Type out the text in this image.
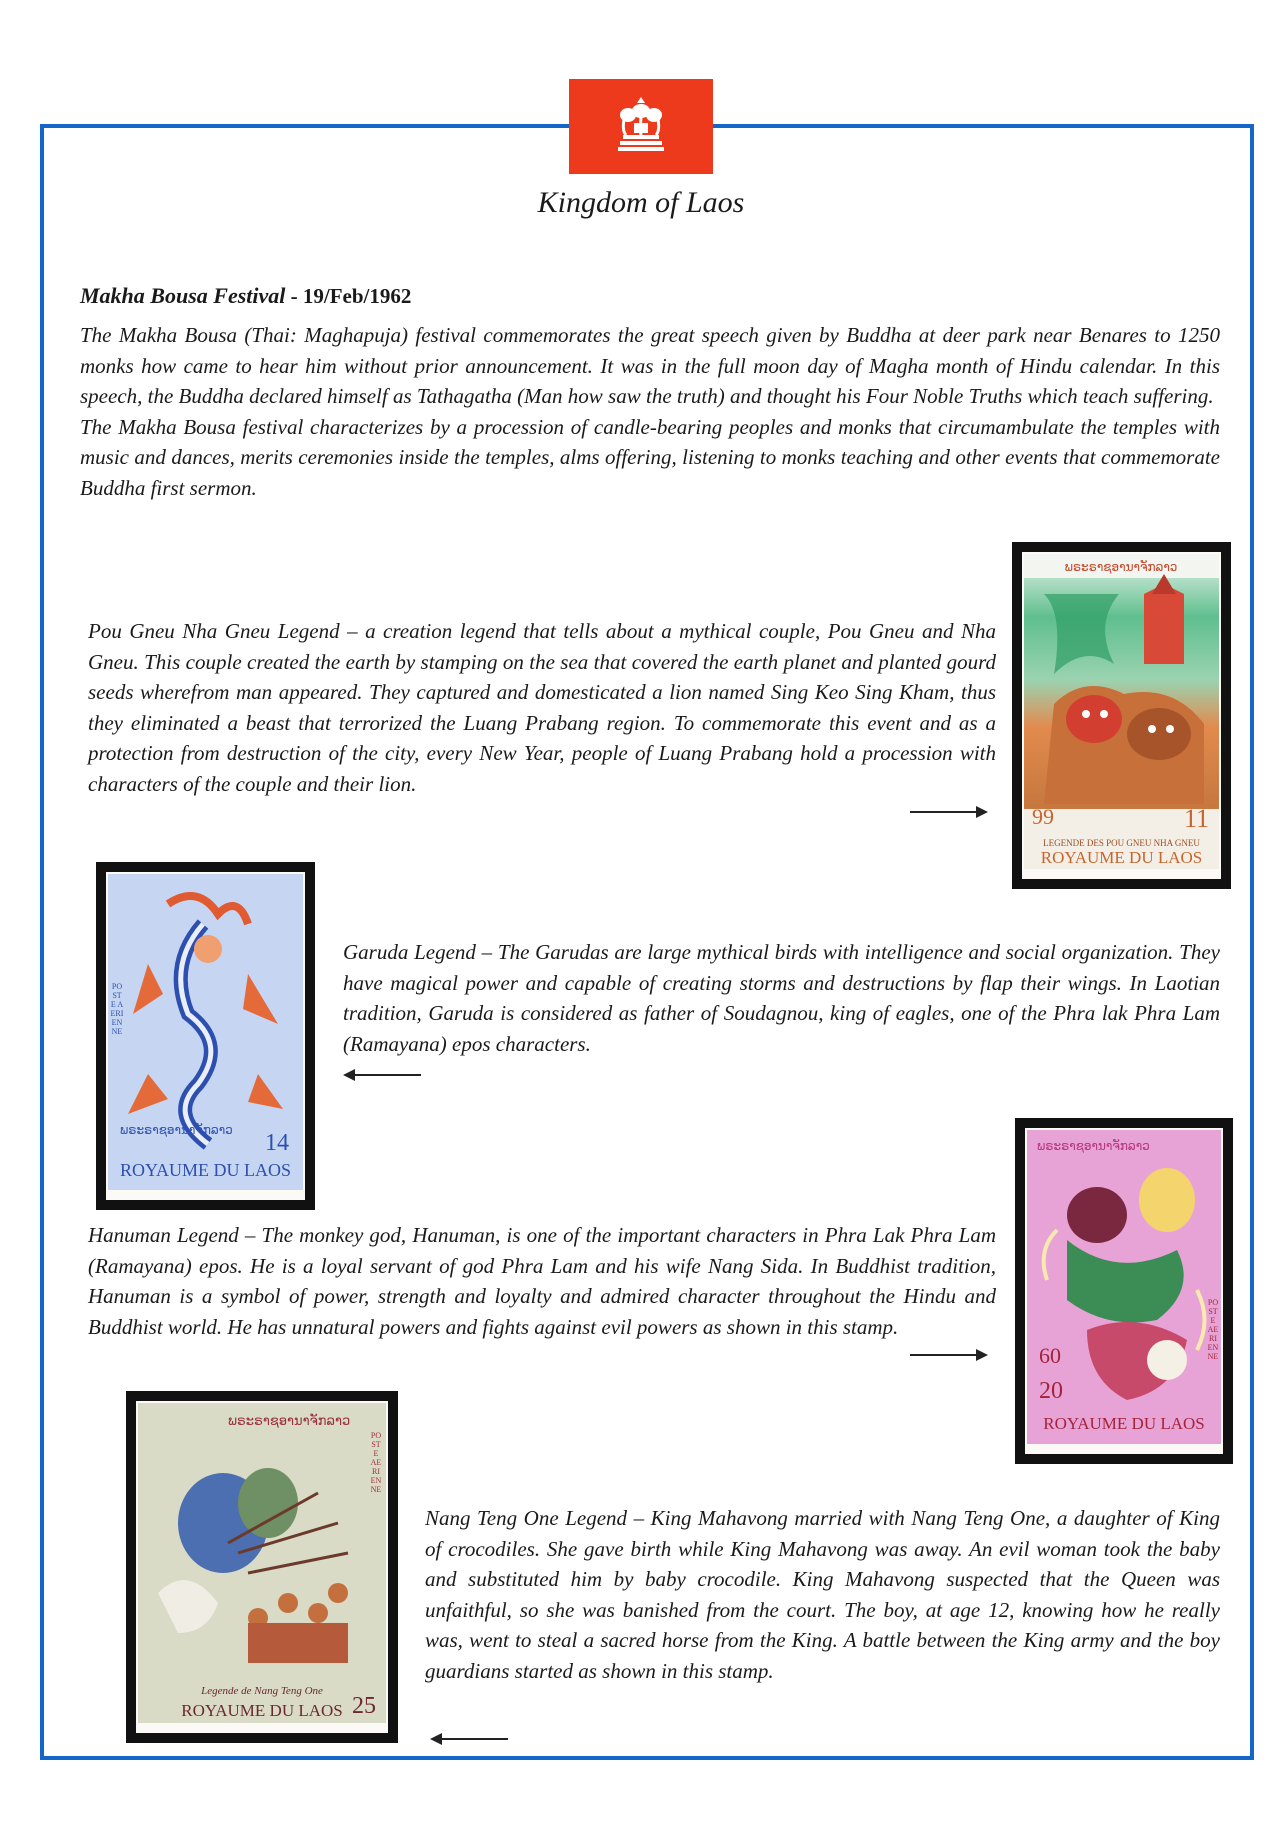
Kingdom of Laos
Makha Bousa Festival - 19/Feb/1962
The Makha Bousa (Thai: Maghapuja) festival commemorates the great speech given by Buddha at deer park near Benares to 1250 monks how came to hear him without prior announcement. It was in the full moon day of Magha month of Hindu calendar. In this speech, the Buddha declared himself as Tathagatha (Man how saw the truth) and thought his Four Noble Truths which teach suffering.
The Makha Bousa festival characterizes by a procession of candle-bearing peoples and monks that circumambulate the temples with music and dances, merits ceremonies inside the temples, alms offering, listening to monks teaching and other events that commemorate Buddha first sermon.
ພຣະຣາຊອານາຈັກລາວ
99	11
LEGENDE DES POU GNEU NHA GNEU
ROYAUME DU LAOS
Pou Gneu Nha Gneu Legend – a creation legend that tells about a mythical couple, Pou Gneu and Nha Gneu. This couple created the earth by stamping on the sea that covered the earth planet and planted gourd seeds wherefrom man appeared. They captured and domesticated a lion named Sing Keo Sing Kham, thus they eliminated a beast that terrorized the Luang Prabang region. To commemorate this event and as a protection from destruction of the city, every New Year, people of Luang Prabang hold a procession with characters of the couple and their lion.
ພຣະຣາຊອານາຈັກລາວ
POSTE AERIENNE
14
ROYAUME DU LAOS
Garuda Legend – The Garudas are large mythical birds with intelligence and social organization. They have magical power and capable of creating storms and destructions by flap their wings. In Laotian tradition, Garuda is considered as father of Soudagnou, king of eagles, one of the Phra lak Phra Lam (Ramayana) epos characters.
ພຣະຣາຊອານາຈັກລາວ
60
20
POSTE AERIENNE
ROYAUME DU LAOS
Hanuman Legend – The monkey god, Hanuman, is one of the important characters in Phra Lak Phra Lam (Ramayana) epos. He is a loyal servant of god Phra Lam and his wife Nang Sida. In Buddhist tradition, Hanuman is a symbol of power, strength and loyalty and admired character throughout the Hindu and Buddhist world. He has unnatural powers and fights against evil powers as shown in this stamp.
ພຣະຣາຊອານາຈັກລາວ
Legende de Nang Teng One
POSTE AERIENNE
25
ROYAUME DU LAOS
Nang Teng One Legend – King Mahavong married with Nang Teng One, a daughter of King of crocodiles. She gave birth while King Mahavong was away. An evil woman took the baby and substituted him by baby crocodile. King Mahavong suspected that the Queen was unfaithful, so she was banished from the court. The boy, at age 12, knowing how he really was, went to steal a sacred horse from the King. A battle between the King army and the boy guardians started as shown in this stamp.
